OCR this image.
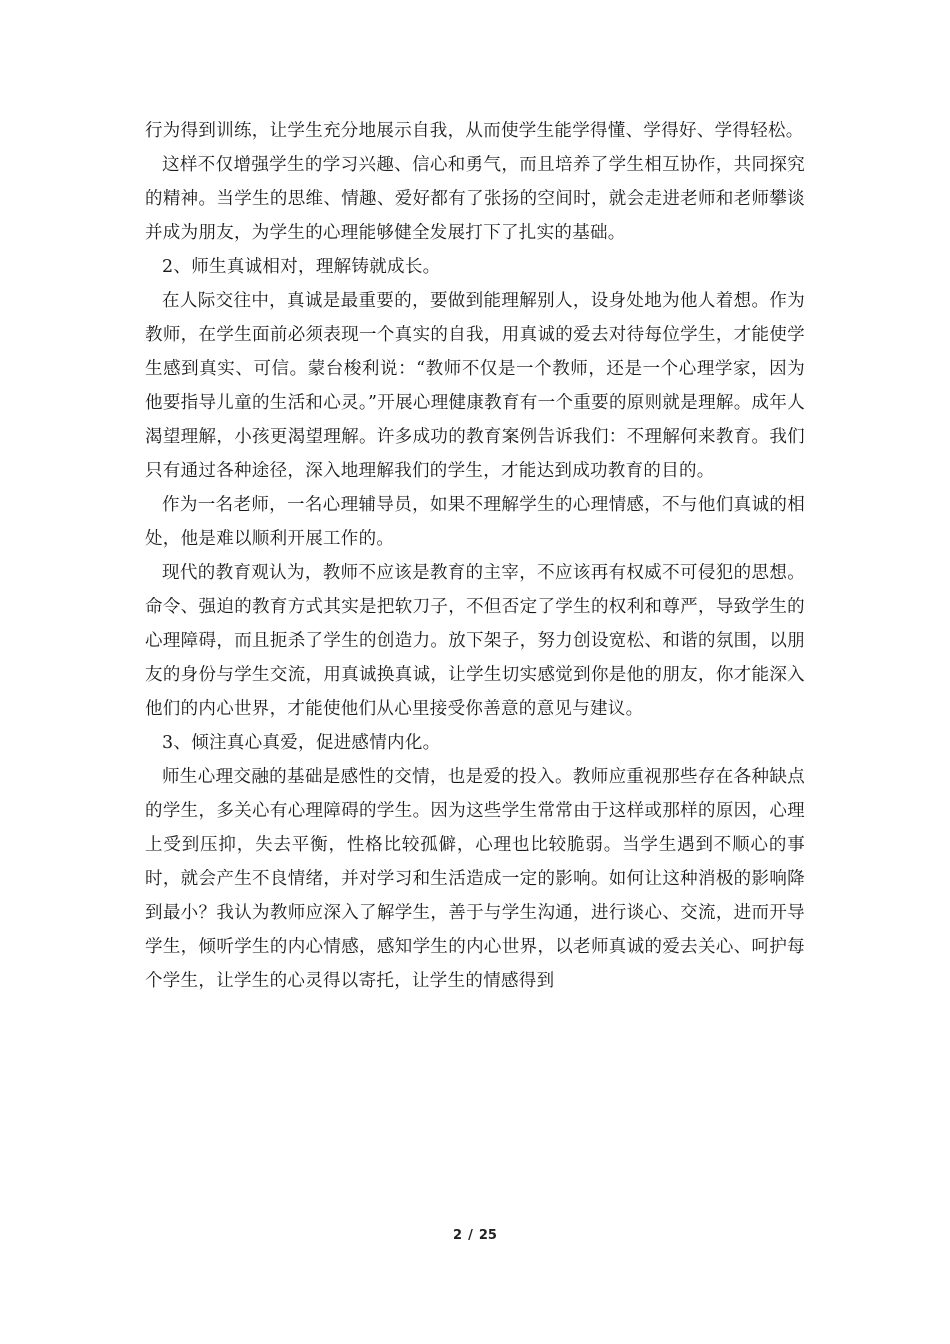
行为得到训练，让学生充分地展示自我，从而使学生能学得懂、学得好、学得轻松。

这样不仅增强学生的学习兴趣、信心和勇气，而且培养了学生相互协作，共同探究的精神。当学生的思维、情趣、爱好都有了张扬的空间时，就会走进老师和老师攀谈并成为朋友，为学生的心理能够健全发展打下了扎实的基础。

2、师生真诚相对，理解铸就成长。

在人际交往中，真诚是最重要的，要做到能理解别人，设身处地为他人着想。作为教师，在学生面前必须表现一个真实的自我，用真诚的爱去对待每位学生，才能使学生感到真实、可信。蒙台梭利说：“教师不仅是一个教师，还是一个心理学家，因为他要指导儿童的生活和心灵。”开展心理健康教育有一个重要的原则就是理解。成年人渴望理解，小孩更渴望理解。许多成功的教育案例告诉我们：不理解何来教育。我们只有通过各种途径，深入地理解我们的学生，才能达到成功教育的目的。

作为一名老师，一名心理辅导员，如果不理解学生的心理情感，不与他们真诚的相处，他是难以顺利开展工作的。

现代的教育观认为，教师不应该是教育的主宰，不应该再有权威不可侵犯的思想。命令、强迫的教育方式其实是把软刀子，不但否定了学生的权利和尊严，导致学生的心理障碍，而且扼杀了学生的创造力。放下架子，努力创设宽松、和谐的氛围，以朋友的身份与学生交流，用真诚换真诚，让学生切实感觉到你是他的朋友，你才能深入他们的内心世界，才能使他们从心里接受你善意的意见与建议。

3、倾注真心真爱，促进感情内化。

师生心理交融的基础是感性的交情，也是爱的投入。教师应重视那些存在各种缺点的学生，多关心有心理障碍的学生。因为这些学生常常由于这样或那样的原因，心理上受到压抑，失去平衡，性格比较孤僻，心理也比较脆弱。当学生遇到不顺心的事时，就会产生不良情绪，并对学习和生活造成一定的影响。如何让这种消极的影响降到最小？我认为教师应深入了解学生，善于与学生沟通，进行谈心、交流，进而开导学生，倾听学生的内心情感，感知学生的内心世界，以老师真诚的爱去关心、呵护每个学生，让学生的心灵得以寄托，让学生的情感得到

2 / 25
